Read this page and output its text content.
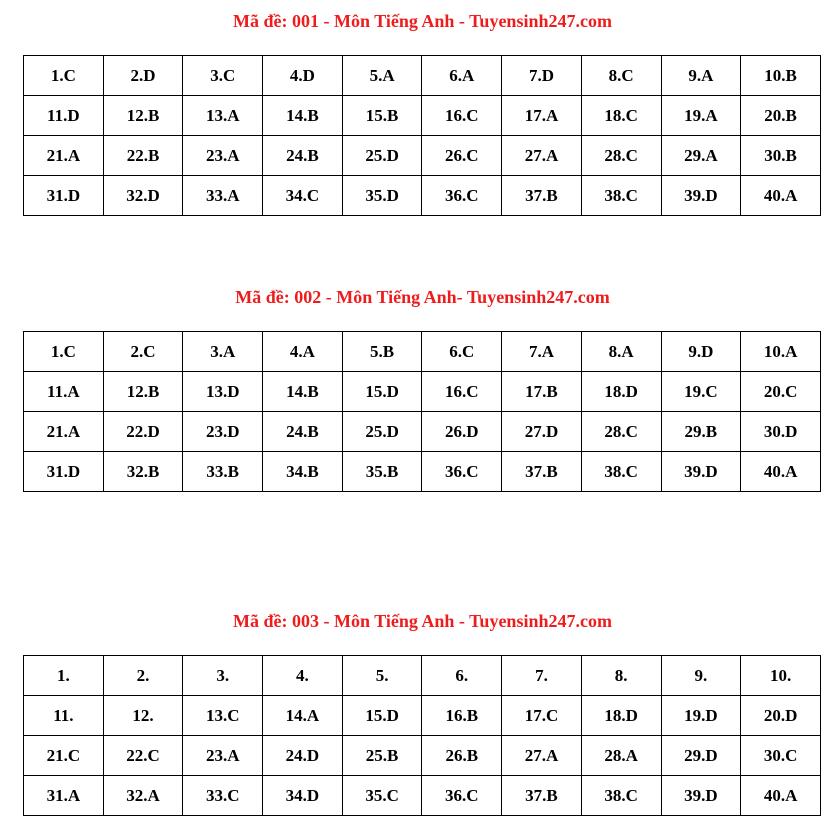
Mã đề: 001 - Môn Tiếng Anh - Tuyensinh247.com
1.C	2.D	3.C	4.D	5.A	6.A	7.D	8.C	9.A	10.B
11.D	12.B	13.A	14.B	15.B	16.C	17.A	18.C	19.A	20.B
21.A	22.B	23.A	24.B	25.D	26.C	27.A	28.C	29.A	30.B
31.D	32.D	33.A	34.C	35.D	36.C	37.B	38.C	39.D	40.A
Mã đề: 002 - Môn Tiếng Anh- Tuyensinh247.com
1.C	2.C	3.A	4.A	5.B	6.C	7.A	8.A	9.D	10.A
11.A	12.B	13.D	14.B	15.D	16.C	17.B	18.D	19.C	20.C
21.A	22.D	23.D	24.B	25.D	26.D	27.D	28.C	29.B	30.D
31.D	32.B	33.B	34.B	35.B	36.C	37.B	38.C	39.D	40.A
Mã đề: 003 - Môn Tiếng Anh - Tuyensinh247.com
1.	2.	3.	4.	5.	6.	7.	8.	9.	10.
11.	12.	13.C	14.A	15.D	16.B	17.C	18.D	19.D	20.D
21.C	22.C	23.A	24.D	25.B	26.B	27.A	28.A	29.D	30.C
31.A	32.A	33.C	34.D	35.C	36.C	37.B	38.C	39.D	40.A
